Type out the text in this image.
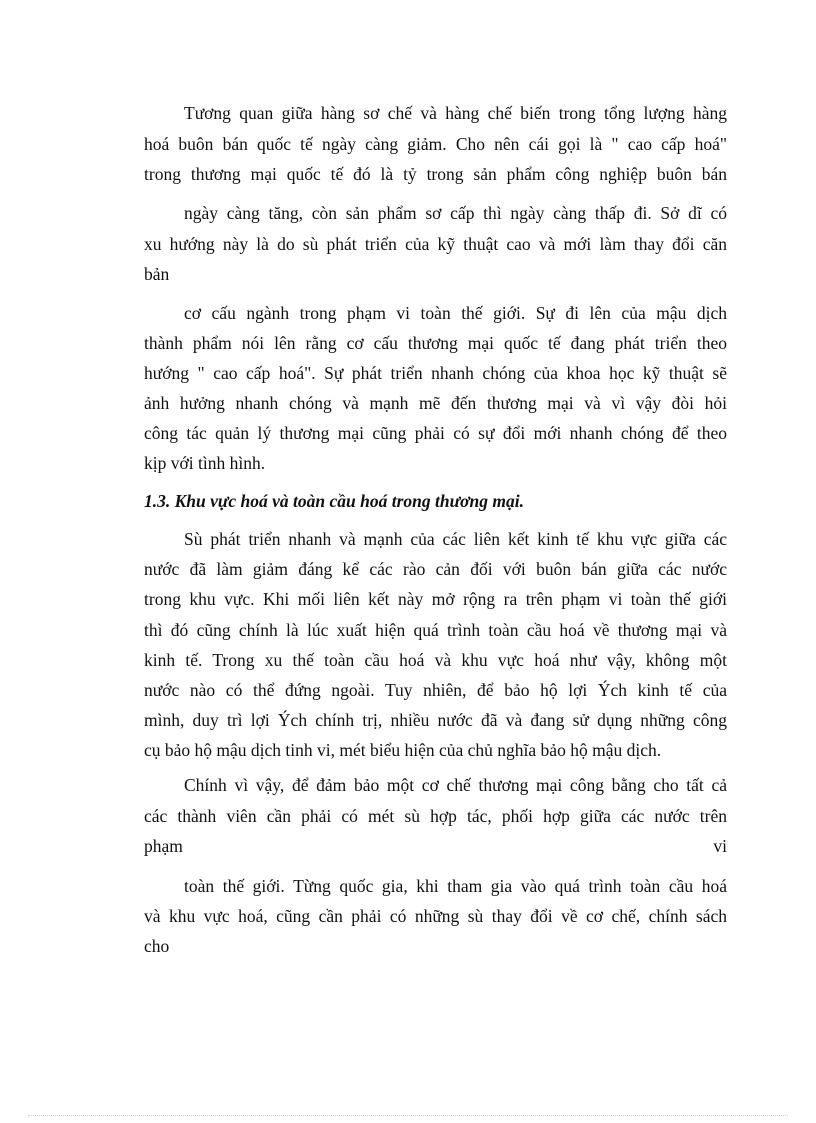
Tương quan giữa hàng sơ chế và hàng chế biến trong tổng lượng hàng
hoá buôn bán quốc tế ngày càng giảm. Cho nên cái gọi là " cao cấp hoá"
trong thương mại quốc tế đó là tỷ trong sản phẩm công nghiệp buôn bán
ngày càng tăng, còn sản phẩm sơ cấp thì ngày càng thấp đi. Sở dĩ có
xu hướng này là do sù phát triển của kỹ thuật cao và mới làm thay đổi căn
bản
cơ cấu ngành trong phạm vi toàn thế giới. Sự đi lên của mậu dịch
thành phẩm nói lên rằng cơ cấu thương mại quốc tế đang phát triển theo
hướng " cao cấp hoá". Sự phát triển nhanh chóng của khoa học kỹ thuật sẽ
ảnh hưởng nhanh chóng và mạnh mẽ đến thương mại và vì vậy đòi hỏi
công tác quản lý thương mại cũng phải có sự đổi mới nhanh chóng để theo
kịp với tình hình.
1.3. Khu vực hoá và toàn cầu hoá trong thương mại.
Sù phát triển nhanh và mạnh của các liên kết kinh tế khu vực giữa các
nước đã làm giảm đáng kể các rào cản đối với buôn bán giữa các nước
trong khu vực. Khi mối liên kết này mở rộng ra trên phạm vi toàn thế giới
thì đó cũng chính là lúc xuất hiện quá trình toàn cầu hoá về thương mại và
kinh tế. Trong xu thế toàn cầu hoá và khu vực hoá như vậy, không một
nước nào có thể đứng ngoài. Tuy nhiên, để bảo hộ lợi Ých kinh tế của
mình, duy trì lợi Ých chính trị, nhiều nước đã và đang sử dụng những công
cụ bảo hộ mậu dịch tinh vi, mét biểu hiện của chủ nghĩa bảo hộ mậu dịch.
Chính vì vậy, để đảm bảo một cơ chế thương mại công bằng cho tất cả
các thành viên cần phải có mét sù hợp tác, phối hợp giữa các nước trên
phạm	vi
toàn thế giới. Từng quốc gia, khi tham gia vào quá trình toàn cầu hoá
và khu vực hoá, cũng cần phải có những sù thay đổi về cơ chế, chính sách
cho
